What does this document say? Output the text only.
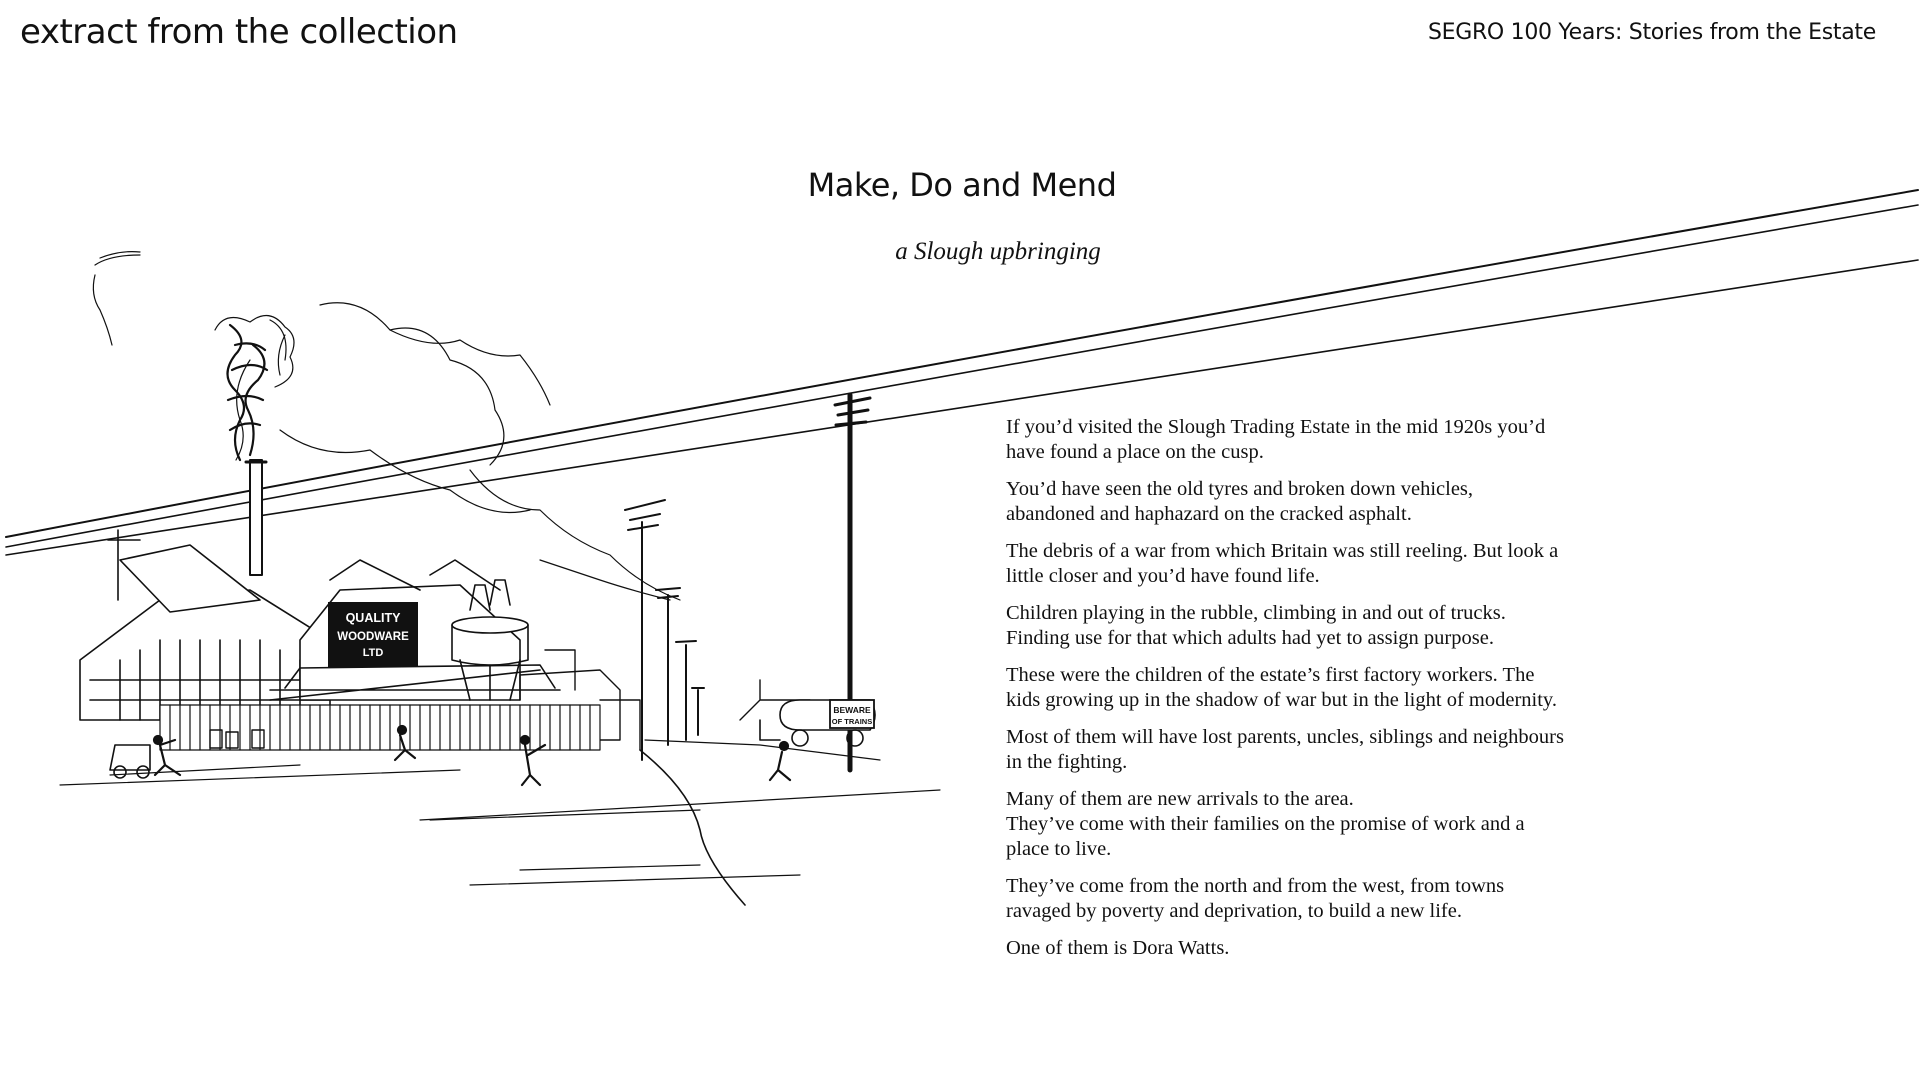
extract from the collection	SEGRO 100 Years: Stories from the Estate
QUALITY
WOODWARE
LTD
BEWARE
OF TRAINS
Make, Do and Mend
a Slough upbringing

If you’d visited the Slough Trading Estate in the mid 1920s you’d have found a place on the cusp.

You’d have seen the old tyres and broken down vehicles, abandoned and haphazard on the cracked asphalt.

The debris of a war from which Britain was still reeling. But look a little closer and you’d have found life.

Children playing in the rubble, climbing in and out of trucks. Finding use for that which adults had yet to assign purpose.

These were the children of the estate’s first factory workers. The kids growing up in the shadow of war but in the light of modernity.

Most of them will have lost parents, uncles, siblings and neighbours in the fighting.

Many of them are new arrivals to the area.
They’ve come with their families on the promise of work and a place to live.

They’ve come from the north and from the west, from towns ravaged by poverty and deprivation, to build a new life.

One of them is Dora Watts.
